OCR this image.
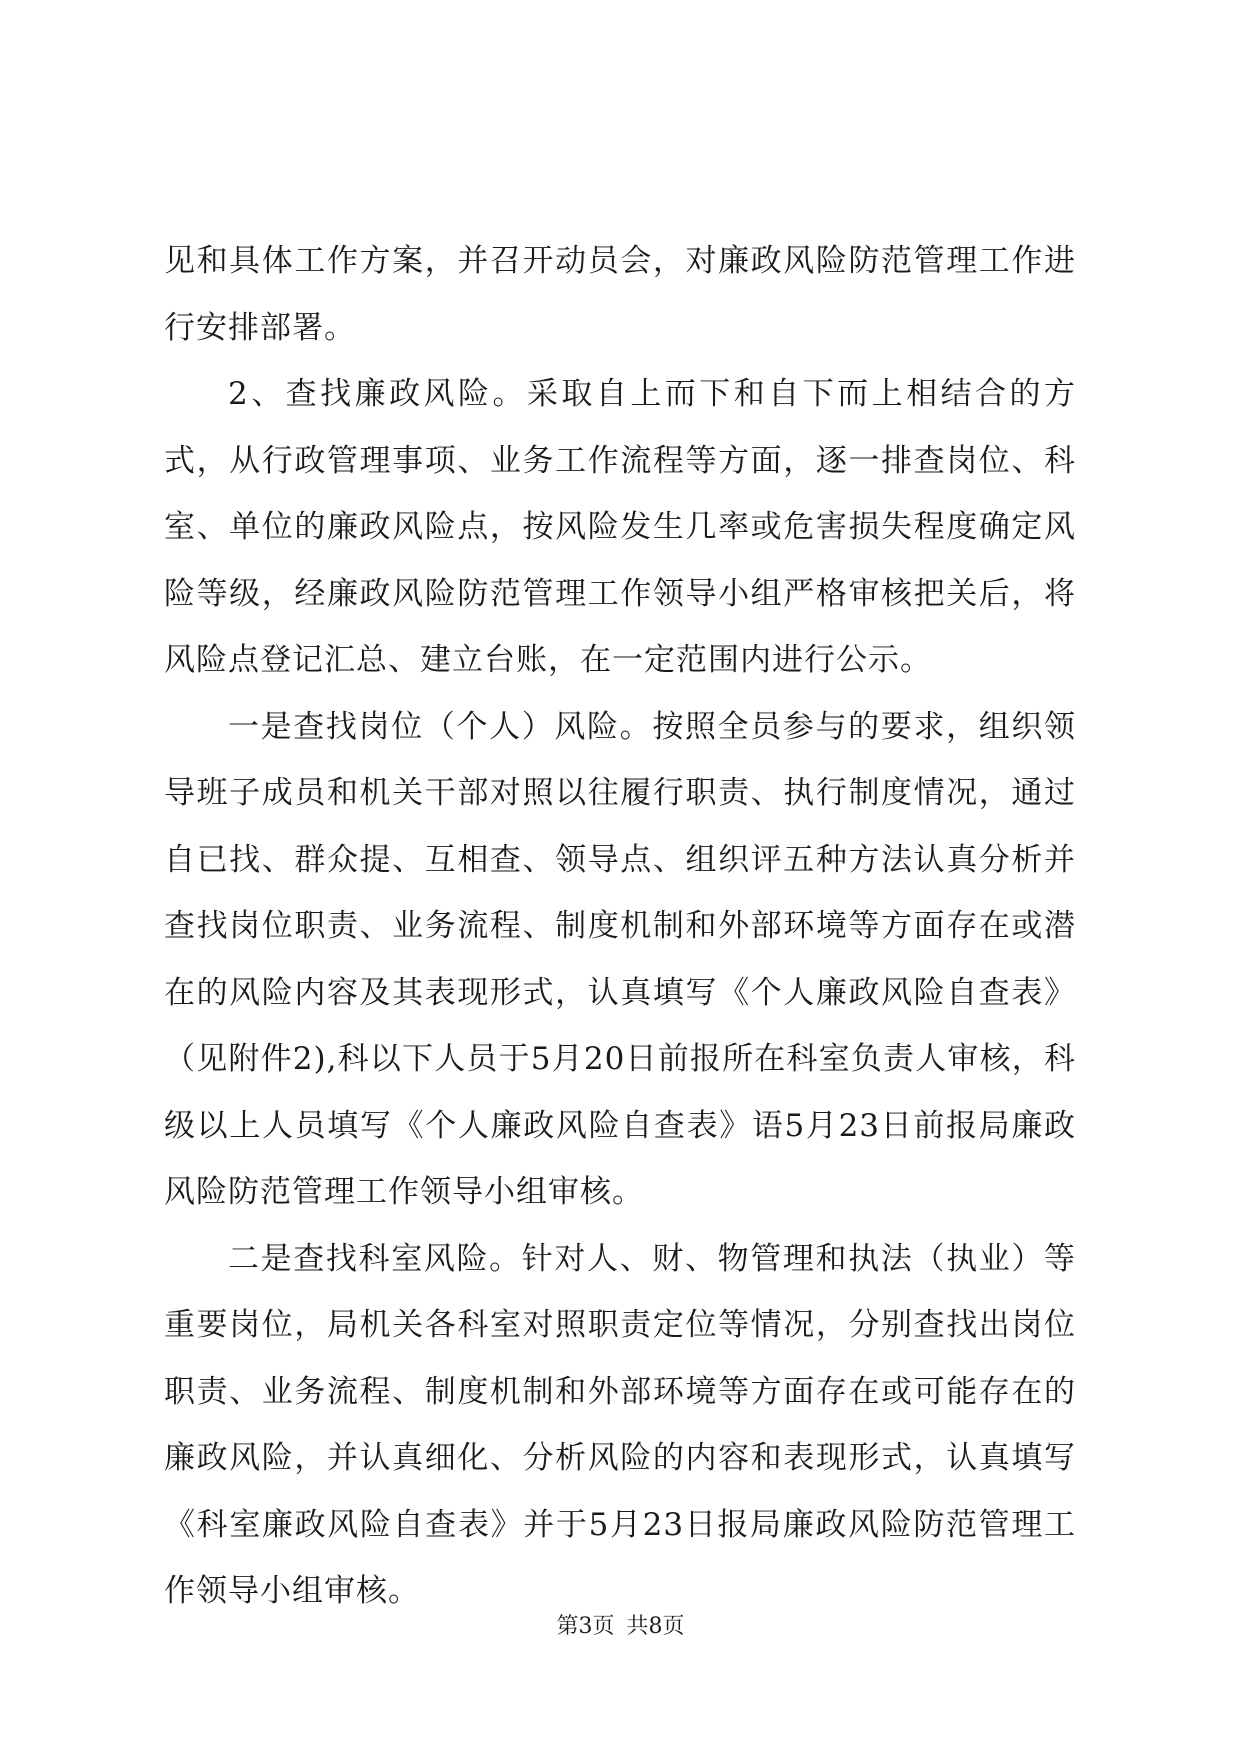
见和具体工作方案，并召开动员会，对廉政风险防范管理工作进行安排部署。

2、查找廉政风险。采取自上而下和自下而上相结合的方式，从行政管理事项、业务工作流程等方面，逐一排查岗位、科室、单位的廉政风险点，按风险发生几率或危害损失程度确定风险等级，经廉政风险防范管理工作领导小组严格审核把关后，将风险点登记汇总、建立台账，在一定范围内进行公示。

一是查找岗位（个人）风险。按照全员参与的要求，组织领导班子成员和机关干部对照以往履行职责、执行制度情况，通过自已找、群众提、互相查、领导点、组织评五种方法认真分析并查找岗位职责、业务流程、制度机制和外部环境等方面存在或潜在的风险内容及其表现形式，认真填写《个人廉政风险自查表》（见附件2),科以下人员于5月20日前报所在科室负责人审核，科级以上人员填写《个人廉政风险自查表》语5月23日前报局廉政风险防范管理工作领导小组审核。

二是查找科室风险。针对人、财、物管理和执法（执业）等重要岗位，局机关各科室对照职责定位等情况，分别查找出岗位职责、业务流程、制度机制和外部环境等方面存在或可能存在的廉政风险，并认真细化、分析风险的内容和表现形式，认真填写《科室廉政风险自查表》并于5月23日报局廉政风险防范管理工作领导小组审核。

第3页 共8页
